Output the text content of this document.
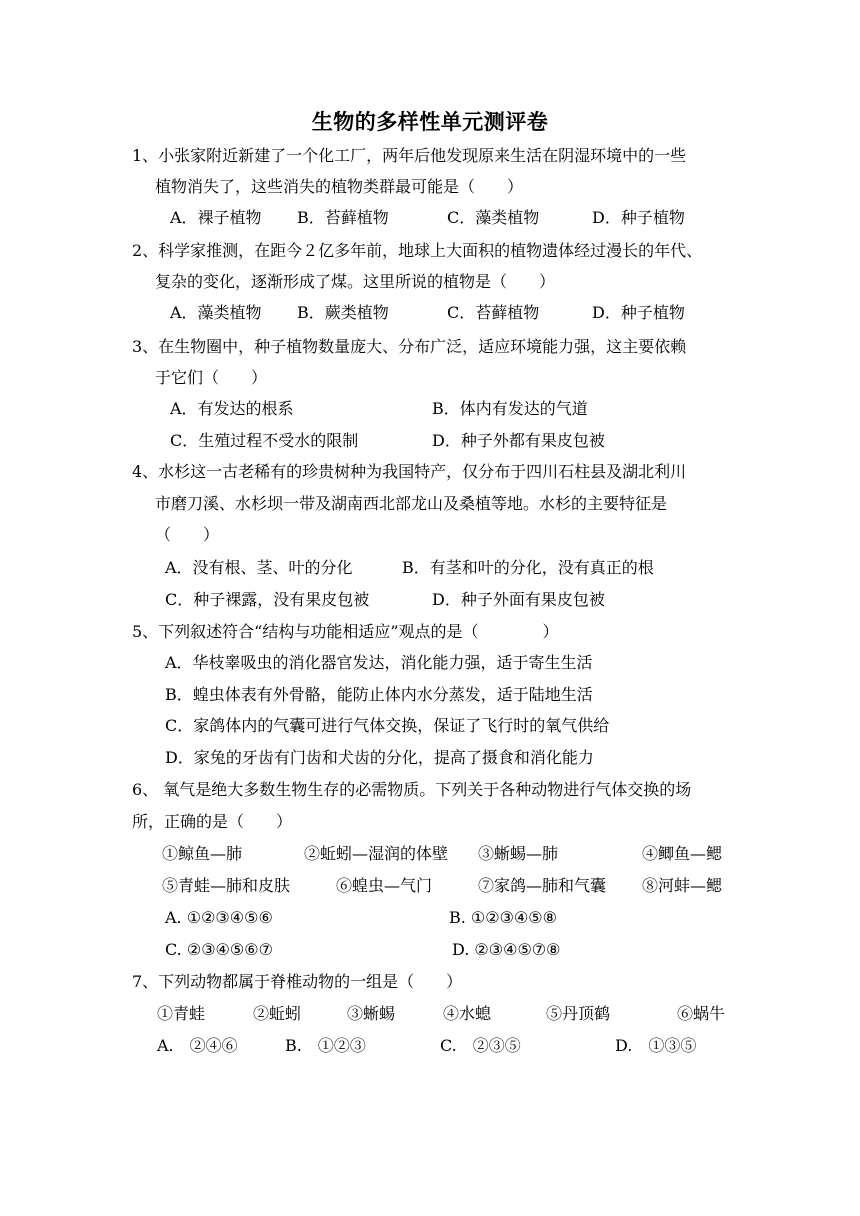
生物的多样性单元测评卷
1、小张家附近新建了一个化工厂，两年后他发现原来生活在阴湿环境中的一些
植物消失了，这些消失的植物类群最可能是（　　）
A．裸子植物 B．苔藓植物	C．藻类植物	D．种子植物
2、科学家推测，在距今２亿多年前，地球上大面积的植物遗体经过漫长的年代、
复杂的变化，逐渐形成了煤。这里所说的植物是（　　）
A．藻类植物 B．蕨类植物	C．苔藓植物	D．种子植物
3、在生物圈中，种子植物数量庞大、分布广泛，适应环境能力强，这主要依赖
于它们（　　）
A．有发达的根系	B．体内有发达的气道
C．生殖过程不受水的限制	D．种子外都有果皮包被
4、水杉这一古老稀有的珍贵树种为我国特产，仅分布于四川石柱县及湖北利川
市磨刀溪、水杉坝一带及湖南西北部龙山及桑植等地。水杉的主要特征是
（　　）
A．没有根、茎、叶的分化	B．有茎和叶的分化，没有真正的根
C．种子裸露，没有果皮包被	D．种子外面有果皮包被
5、下列叙述符合“结构与功能相适应”观点的是（　　　　）
A．华枝睾吸虫的消化器官发达，消化能力强，适于寄生生活
B．蝗虫体表有外骨骼，能防止体内水分蒸发，适于陆地生活
C．家鸽体内的气囊可进行气体交换，保证了飞行时的氧气供给
D．家兔的牙齿有门齿和犬齿的分化，提高了摄食和消化能力
6、 氧气是绝大多数生物生存的必需物质。下列关于各种动物进行气体交换的场
所，正确的是（　　）
①鲸鱼—肺	②蚯蚓—湿润的体壁 ③蜥蜴—肺	④鲫鱼—鳃
⑤青蛙—肺和皮肤	⑥蝗虫—气门	⑦家鸽—肺和气囊 ⑧河蚌—鳃
A. ①②③④⑤⑥	B. ①②③④⑤⑧
C. ②③④⑤⑥⑦	D. ②③④⑤⑦⑧
7、下列动物都属于脊椎动物的一组是（　　）
①青蛙	②蚯蚓	③蜥蜴	④水螅	⑤丹顶鹤	⑥蜗牛
A.　②④⑥	B.　①②③	C.　②③⑤	D.　①③⑤
